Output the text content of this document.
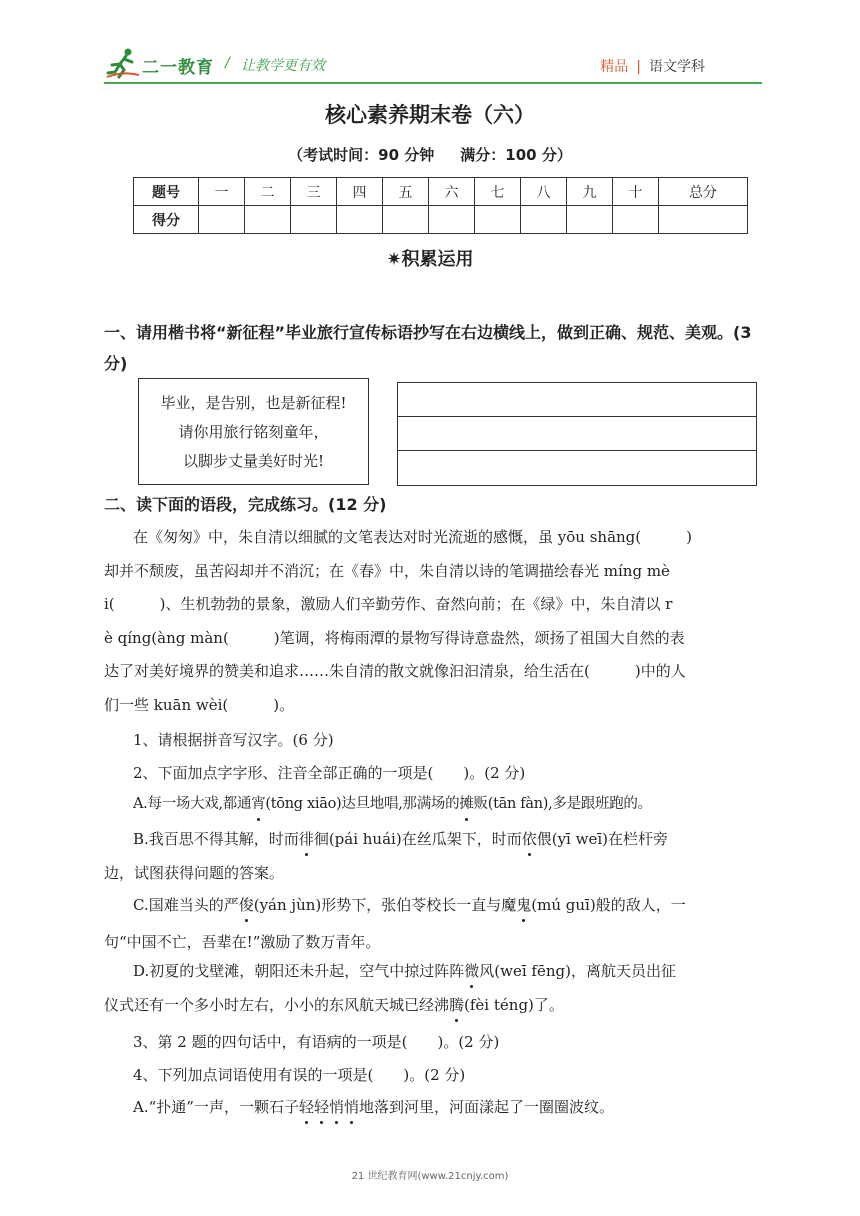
二一教育 / 让教学更有效	精品 | 语文学科
核心素养期末卷（六）
（考试时间：90 分钟 满分：100 分）
题号	一	二	三	四	五	六	七	八	九	十	总分
得分											
✷积累运用
一、请用楷书将“新征程”毕业旅行宣传标语抄写在右边横线上，做到正确、规范、美观。(3 分)
毕业，是告别，也是新征程!
请你用旅行铭刻童年，
以脚步丈量美好时光!
二、读下面的语段，完成练习。(12 分)
在《匆匆》中，朱自清以细腻的文笔表达对时光流逝的感慨，虽 yōu shāng(　　　)
却并不颓废，虽苦闷却并不消沉；在《春》中，朱自清以诗的笔调描绘春光 míng mè
i(　　　)、生机勃勃的景象，激励人们辛勤劳作、奋然向前；在《绿》中，朱自清以 r
è qíng(àng màn(　　　)笔调，将梅雨潭的景物写得诗意盎然，颂扬了祖国大自然的表
达了对美好境界的赞美和追求……朱自清的散文就像汩汩清泉，给生活在(　　　)中的人
们一些 kuān wèi(　　　)。
1、请根据拼音写汉字。(6 分)
2、下面加点字字形、注音全部正确的一项是(　　)。(2 分)
A.每一场大戏,都通宵(tōng xiāo)达旦地唱,那满场的摊贩(tān fàn),多是跟班跑的。
B.我百思不得其解，时而徘徊(pái huái)在丝瓜架下，时而依偎(yī weī)在栏杆旁
边，试图获得问题的答案。
C.国难当头的严俊(yán jùn)形势下，张伯苓校长一直与魔鬼(mú guī)般的敌人，一
句“中国不亡，吾辈在!”激励了数万青年。
D.初夏的戈壁滩，朝阳还未升起，空气中掠过阵阵微风(weī fēng)，离航天员出征
仪式还有一个多小时左右，小小的东风航天城已经沸腾(fèi téng)了。
3、第 2 题的四句话中，有语病的一项是(　　)。(2 分)
4、下列加点词语使用有误的一项是(　　)。(2 分)
A.“扑通”一声，一颗石子轻轻悄悄地落到河里，河面漾起了一圈圈波纹。
21 世纪教育网(www.21cnjy.com)
